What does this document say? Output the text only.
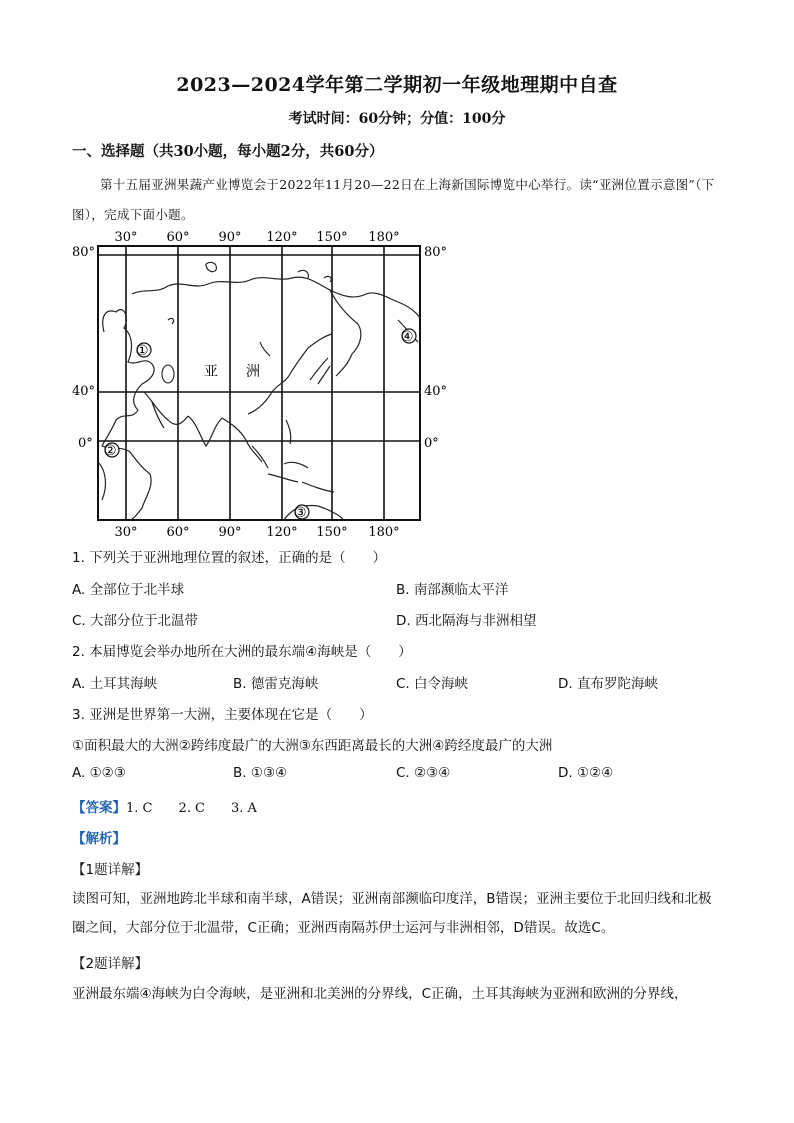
2023—2024学年第二学期初一年级地理期中自查
考试时间：60分钟；分值：100分
一、选择题（共30小题，每小题2分，共60分）
第十五届亚洲果蔬产业博览会于2022年11月20—22日在上海新国际博览中心举行。读“亚洲位置示意图”（下图），完成下面小题。
30° 60° 90° 120° 150° 180°
30° 60° 90° 120° 150° 180°
80°
40°
0°
80°
40°
0°
亚　　洲
①
②
③
④
1. 下列关于亚洲地理位置的叙述，正确的是（　　）
A. 全部位于北半球	B. 南部濒临太平洋
C. 大部分位于北温带	D. 西北隔海与非洲相望
2. 本届博览会举办地所在大洲的最东端④海峡是（　　）
A. 土耳其海峡	B. 德雷克海峡	C. 白令海峡	D. 直布罗陀海峡
3. 亚洲是世界第一大洲，主要体现在它是（　　）
①面积最大的大洲②跨纬度最广的大洲③东西距离最长的大洲④跨经度最广的大洲
A. ①②③	B. ①③④	C. ②③④	D. ①②④
【答案】1. C　　2. C　　3. A
【解析】
【1题详解】
读图可知，亚洲地跨北半球和南半球，A错误；亚洲南部濒临印度洋，B错误；亚洲主要位于北回归线和北极圈之间，大部分位于北温带，C正确；亚洲西南隔苏伊士运河与非洲相邻，D错误。故选C。
【2题详解】
亚洲最东端④海峡为白令海峡，是亚洲和北美洲的分界线，C正确，土耳其海峡为亚洲和欧洲的分界线，
